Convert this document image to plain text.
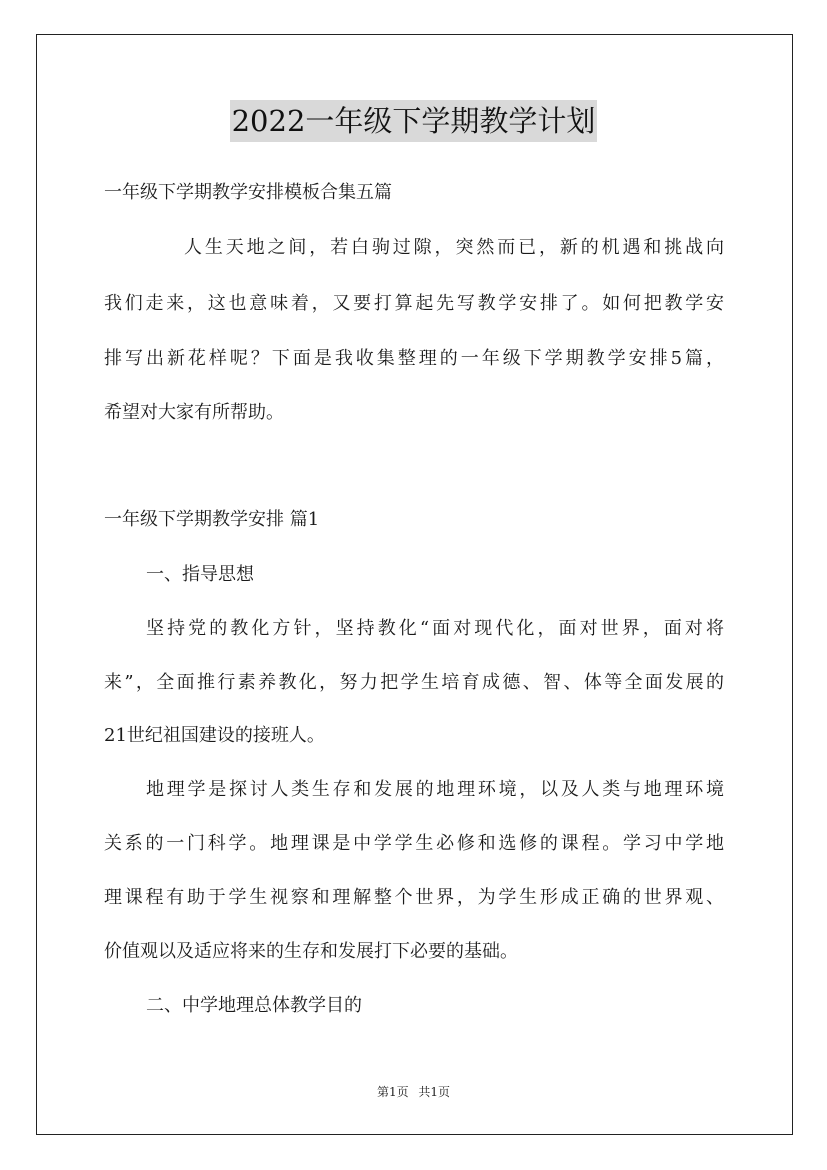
2022一年级下学期教学计划
一年级下学期教学安排模板合集五篇
人生天地之间，若白驹过隙，突然而已，新的机遇和挑战向
我们走来，这也意味着，又要打算起先写教学安排了。如何把教学安
排写出新花样呢？下面是我收集整理的一年级下学期教学安排5篇，
希望对大家有所帮助。
一年级下学期教学安排 篇1
一、指导思想
坚持党的教化方针，坚持教化“面对现代化，面对世界，面对将
来”，全面推行素养教化，努力把学生培育成德、智、体等全面发展的
21世纪祖国建设的接班人。
地理学是探讨人类生存和发展的地理环境，以及人类与地理环境
关系的一门科学。地理课是中学学生必修和选修的课程。学习中学地
理课程有助于学生视察和理解整个世界，为学生形成正确的世界观、
价值观以及适应将来的生存和发展打下必要的基础。
二、中学地理总体教学目的
第1页 共1页
